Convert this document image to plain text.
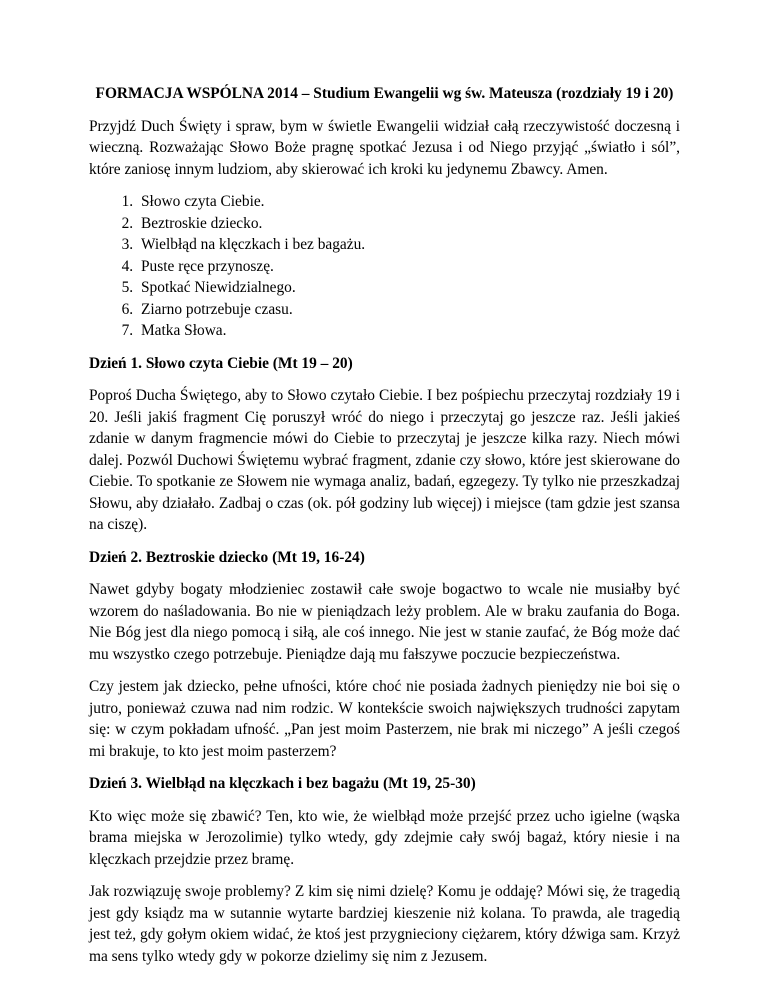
FORMACJA WSPÓLNA 2014 – Studium Ewangelii wg św. Mateusza (rozdziały 19 i 20)

Przyjdź Duch Święty i spraw, bym w świetle Ewangelii widział całą rzeczywistość doczesną i wieczną. Rozważając Słowo Boże pragnę spotkać Jezusa i od Niego przyjąć „światło i sól”, które zaniosę innym ludziom, aby skierować ich kroki ku jedynemu Zbawcy. Amen.

1. Słowo czyta Ciebie.
2. Beztroskie dziecko.
3. Wielbłąd na klęczkach i bez bagażu.
4. Puste ręce przynoszę.
5. Spotkać Niewidzialnego.
6. Ziarno potrzebuje czasu.
7. Matka Słowa.
Dzień 1. Słowo czyta Ciebie (Mt 19 – 20)

Poproś Ducha Świętego, aby to Słowo czytało Ciebie. I bez pośpiechu przeczytaj rozdziały 19 i 20. Jeśli jakiś fragment Cię poruszył wróć do niego i przeczytaj go jeszcze raz. Jeśli jakieś zdanie w danym fragmencie mówi do Ciebie to przeczytaj je jeszcze kilka razy. Niech mówi dalej. Pozwól Duchowi Świętemu wybrać fragment, zdanie czy słowo, które jest skierowane do Ciebie. To spotkanie ze Słowem nie wymaga analiz, badań, egzegezy. Ty tylko nie przeszkadzaj Słowu, aby działało. Zadbaj o czas (ok. pół godziny lub więcej) i miejsce (tam gdzie jest szansa na ciszę).

Dzień 2. Beztroskie dziecko (Mt 19, 16-24)

Nawet gdyby bogaty młodzieniec zostawił całe swoje bogactwo to wcale nie musiałby być wzorem do naśladowania. Bo nie w pieniądzach leży problem. Ale w braku zaufania do Boga. Nie Bóg jest dla niego pomocą i siłą, ale coś innego. Nie jest w stanie zaufać, że Bóg może dać mu wszystko czego potrzebuje. Pieniądze dają mu fałszywe poczucie bezpieczeństwa.

Czy jestem jak dziecko, pełne ufności, które choć nie posiada żadnych pieniędzy nie boi się o jutro, ponieważ czuwa nad nim rodzic. W kontekście swoich największych trudności zapytam się: w czym pokładam ufność. „Pan jest moim Pasterzem, nie brak mi niczego” A jeśli czegoś mi brakuje, to kto jest moim pasterzem?

Dzień 3. Wielbłąd na klęczkach i bez bagażu (Mt 19, 25-30)

Kto więc może się zbawić? Ten, kto wie, że wielbłąd może przejść przez ucho igielne (wąska brama miejska w Jerozolimie) tylko wtedy, gdy zdejmie cały swój bagaż, który niesie i na klęczkach przejdzie przez bramę.

Jak rozwiązuję swoje problemy? Z kim się nimi dzielę? Komu je oddaję? Mówi się, że tragedią jest gdy ksiądz ma w sutannie wytarte bardziej kieszenie niż kolana. To prawda, ale tragedią jest też, gdy gołym okiem widać, że ktoś jest przygnieciony ciężarem, który dźwiga sam. Krzyż ma sens tylko wtedy gdy w pokorze dzielimy się nim z Jezusem.
